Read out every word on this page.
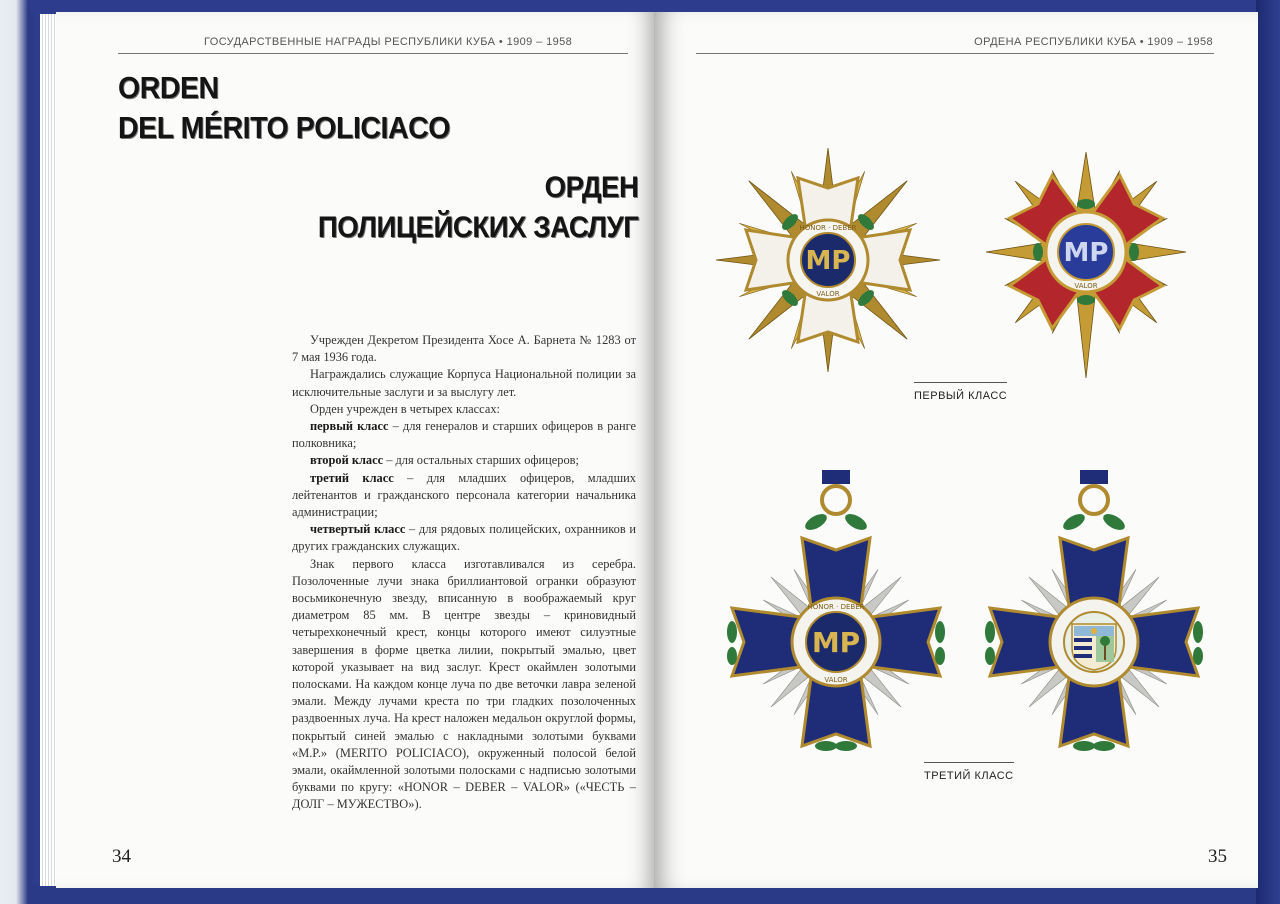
ГОСУДАРСТВЕННЫЕ НАГРАДЫ РЕСПУБЛИКИ КУБА • 1909 – 1958
ORDEN
DEL MÉRITO POLICIACO
ОРДЕН
ПОЛИЦЕЙСКИХ ЗАСЛУГ

Учрежден Декретом Президента Хосе А. Барнета № 1283 от 7 мая 1936 года.

Награждались служащие Корпуса Национальной полиции за исключительные заслуги и за выслугу лет.

Орден учрежден в четырех классах:

первый класс – для генералов и старших офицеров в ранге полковника;

второй класс – для остальных старших офицеров;

третий класс – для младших офицеров, младших лейтенантов и гражданского персонала категории начальника администрации;

четвертый класс – для рядовых полицейских, охранников и других гражданских служащих.

Знак первого класса изготавливался из серебра. Позолоченные лучи знака бриллиантовой огранки образуют восьмиконечную звезду, вписанную в воображаемый круг диаметром 85 мм. В центре звезды – криновидный четырехконечный крест, концы которого имеют силуэтные завершения в форме цветка лилии, покрытый эмалью, цвет которой указывает на вид заслуг. Крест окаймлен золотыми полосками. На каждом конце луча по две веточки лавра зеленой эмали. Между лучами креста по три гладких позолоченных раздвоенных луча. На крест наложен медальон округлой формы, покрытый синей эмалью с накладными золотыми буквами «M.P.» (MERITO POLICIACO), окруженный полосой белой эмали, окаймленной золотыми полосками с надписью золотыми буквами по кругу: «HONOR – DEBER – VALOR» («ЧЕСТЬ – ДОЛГ – МУЖЕСТВО»).

34
ОРДЕНА РЕСПУБЛИКИ КУБА • 1909 – 1958
MP
HONOR · DEBER
VALOR
MP
VALOR
ПЕРВЫЙ КЛАСС
MP
HONOR · DEBER
VALOR
ТРЕТИЙ КЛАСС
35
